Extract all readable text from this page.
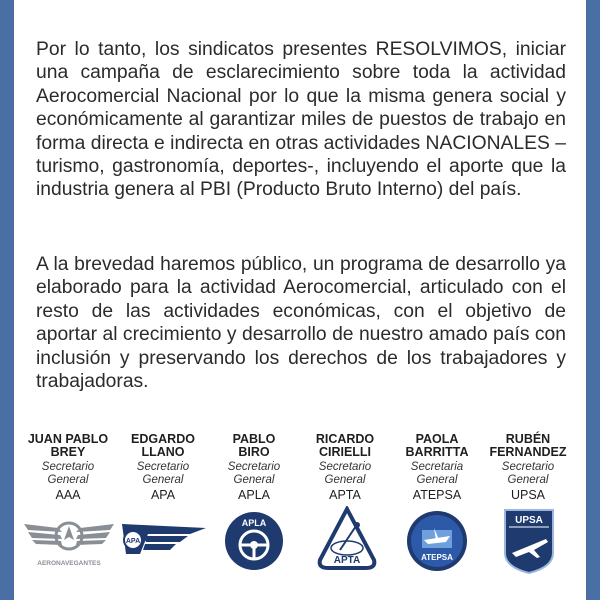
Por lo tanto, los sindicatos presentes RESOLVIMOS, iniciar una campaña de esclarecimiento sobre toda la actividad Aerocomercial Nacional por lo que la misma genera social y económicamente al garantizar miles de puestos de trabajo en forma directa e indirecta en otras actividades NACIONALES –turismo, gastronomía, deportes-, incluyendo el aporte que la industria genera al PBI (Producto Bruto Interno) del país.

A la brevedad haremos público, un programa de desarrollo ya elaborado para la actividad Aerocomercial, articulado con el resto de las actividades económicas, con el objetivo de aportar al crecimiento y desarrollo de nuestro amado país con inclusión y preservando los derechos de los trabajadores y trabajadoras.

JUAN PABLO
BREY
Secretario
General
AAA
EDGARDO
LLANO
Secretario
General
APA
PABLO
BIRO
Secretario
General
APLA
RICARDO
CIRIELLI
Secretario
General
APTA
PAOLA
BARRITTA
Secretaria
General
ATEPSA
RUBÉN
FERNANDEZ
Secretario
General
UPSA
AERONAVEGANTES
APA
APLA
APTA	ATEPSA
UPSA
